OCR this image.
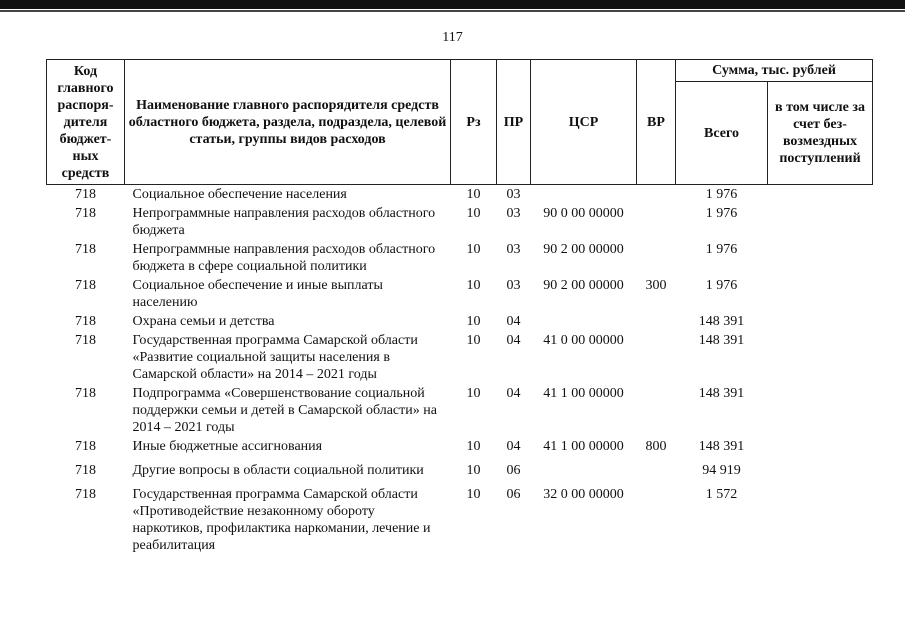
117
Код главного распоря-дителя бюджет-ных средств	Наименование главного распорядителя средств областного бюджета, раздела, подраздела, целевой статьи, группы видов расходов	Рз	ПР	ЦСР	ВР	Сумма, тыс. рублей	
						Всего	в том числе за счет без-возмездных поступлений
718	Социальное обеспечение населения	10	03			1 976	
718	Непрограммные направления расходов областного бюджета	10	03	90 0 00 00000		1 976	
718	Непрограммные направления расходов областного бюджета в сфере социальной политики	10	03	90 2 00 00000		1 976	
718	Социальное обеспечение и иные выплаты населению	10	03	90 2 00 00000	300	1 976	
718	Охрана семьи и детства	10	04			148 391	
718	Государственная программа Самарской области «Развитие социальной защиты населения в Самарской области» на 2014 – 2021 годы	10	04	41 0 00 00000		148 391	
718	Подпрограмма «Совершенствование социальной поддержки семьи и детей в Самарской области» на 2014 – 2021 годы	10	04	41 1 00 00000		148 391	
718	Иные бюджетные ассигнования	10	04	41 1 00 00000	800	148 391	
718	Другие вопросы в области социальной политики	10	06			94 919	
718	Государственная программа Самарской области «Противодействие незаконному обороту наркотиков, профилактика наркомании, лечение и реабилитация	10	06	32 0 00 00000		1 572	
